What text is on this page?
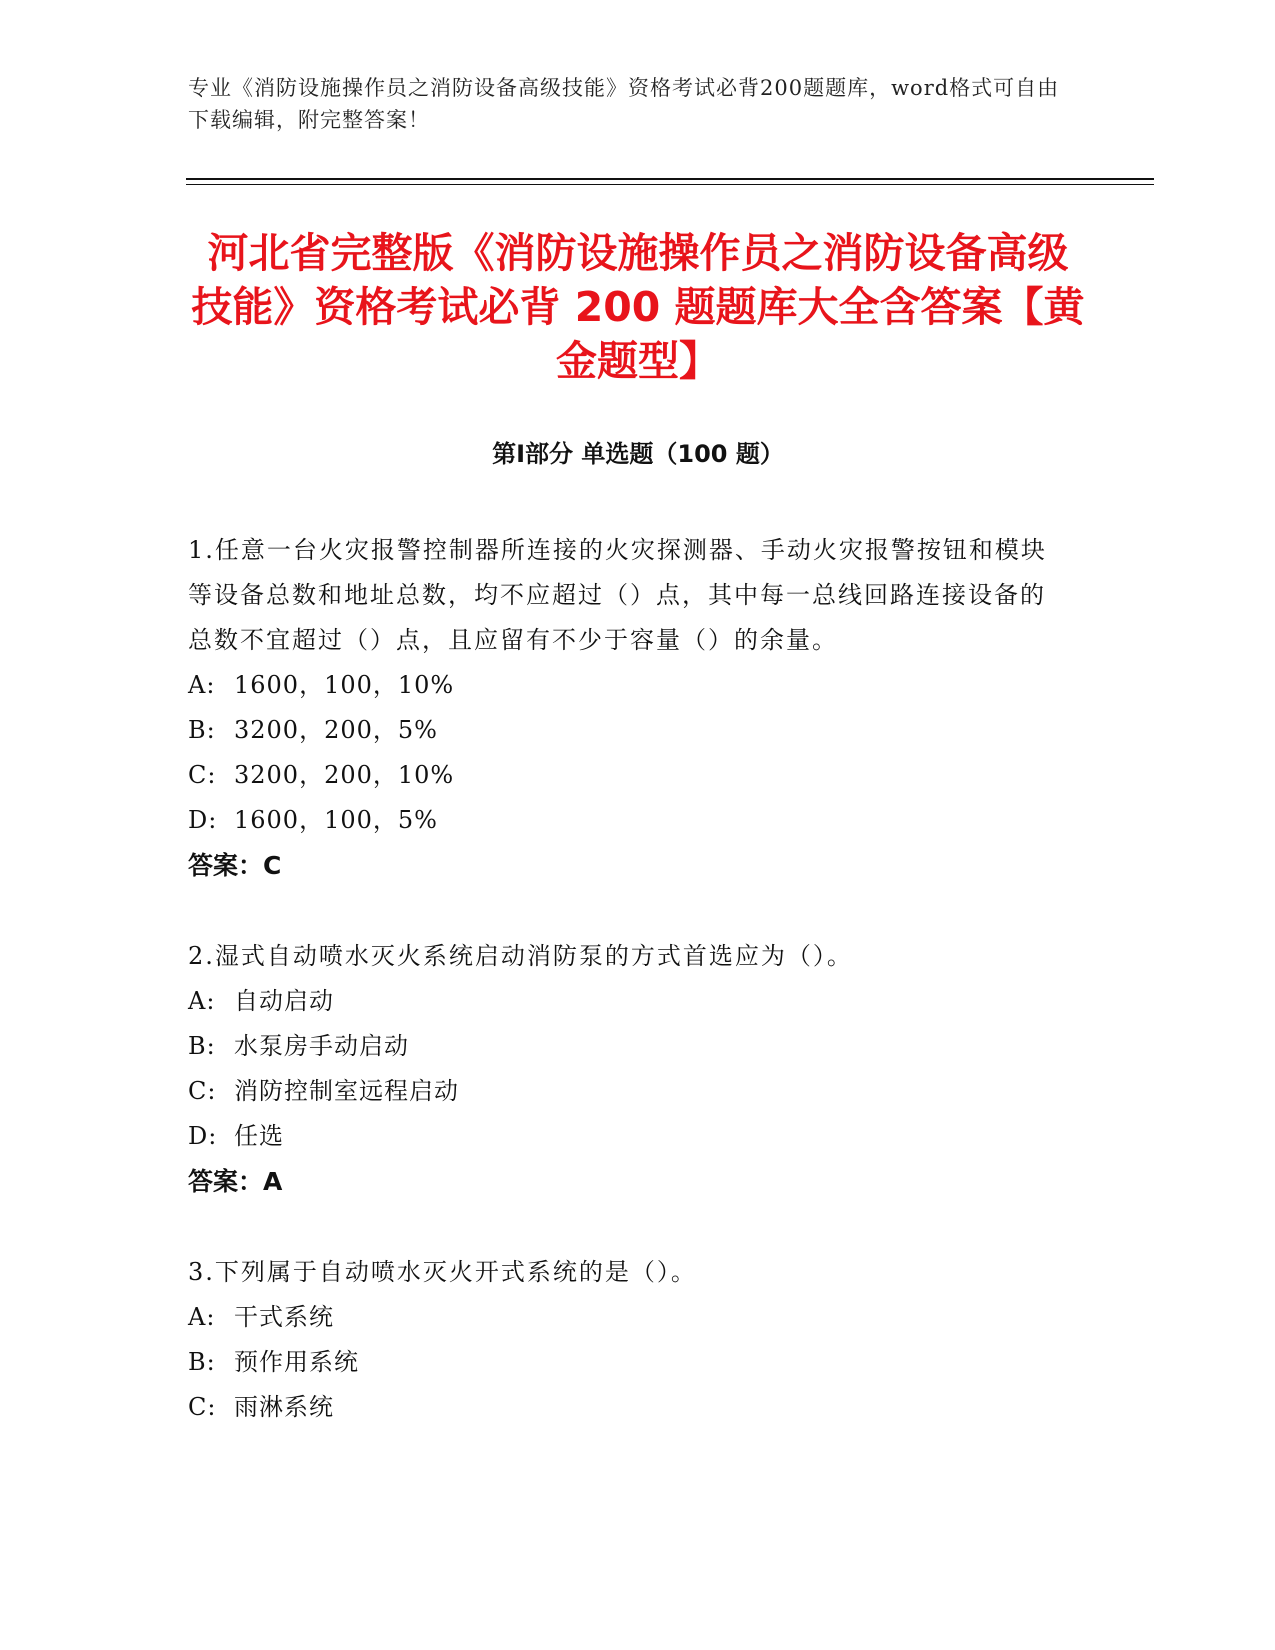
专业《消防设施操作员之消防设备高级技能》资格考试必背200题题库，word格式可自由下载编辑，附完整答案！
河北省完整版《消防设施操作员之消防设备高级技能》资格考试必背 200 题题库大全含答案【黄金题型】
第Ⅰ部分 单选题（100 题）

1.任意一台火灾报警控制器所连接的火灾探测器、手动火灾报警按钮和模块等设备总数和地址总数，均不应超过（）点，其中每一总线回路连接设备的总数不宜超过（）点，且应留有不少于容量（）的余量。

A: 1600，100，10%

B: 3200，200，5%

C: 3200，200，10%

D: 1600，100，5%

答案：C

2.湿式自动喷水灭火系统启动消防泵的方式首选应为（）。

A: 自动启动

B: 水泵房手动启动

C: 消防控制室远程启动

D: 任选

答案：A

3.下列属于自动喷水灭火开式系统的是（）。

A: 干式系统

B: 预作用系统

C: 雨淋系统
